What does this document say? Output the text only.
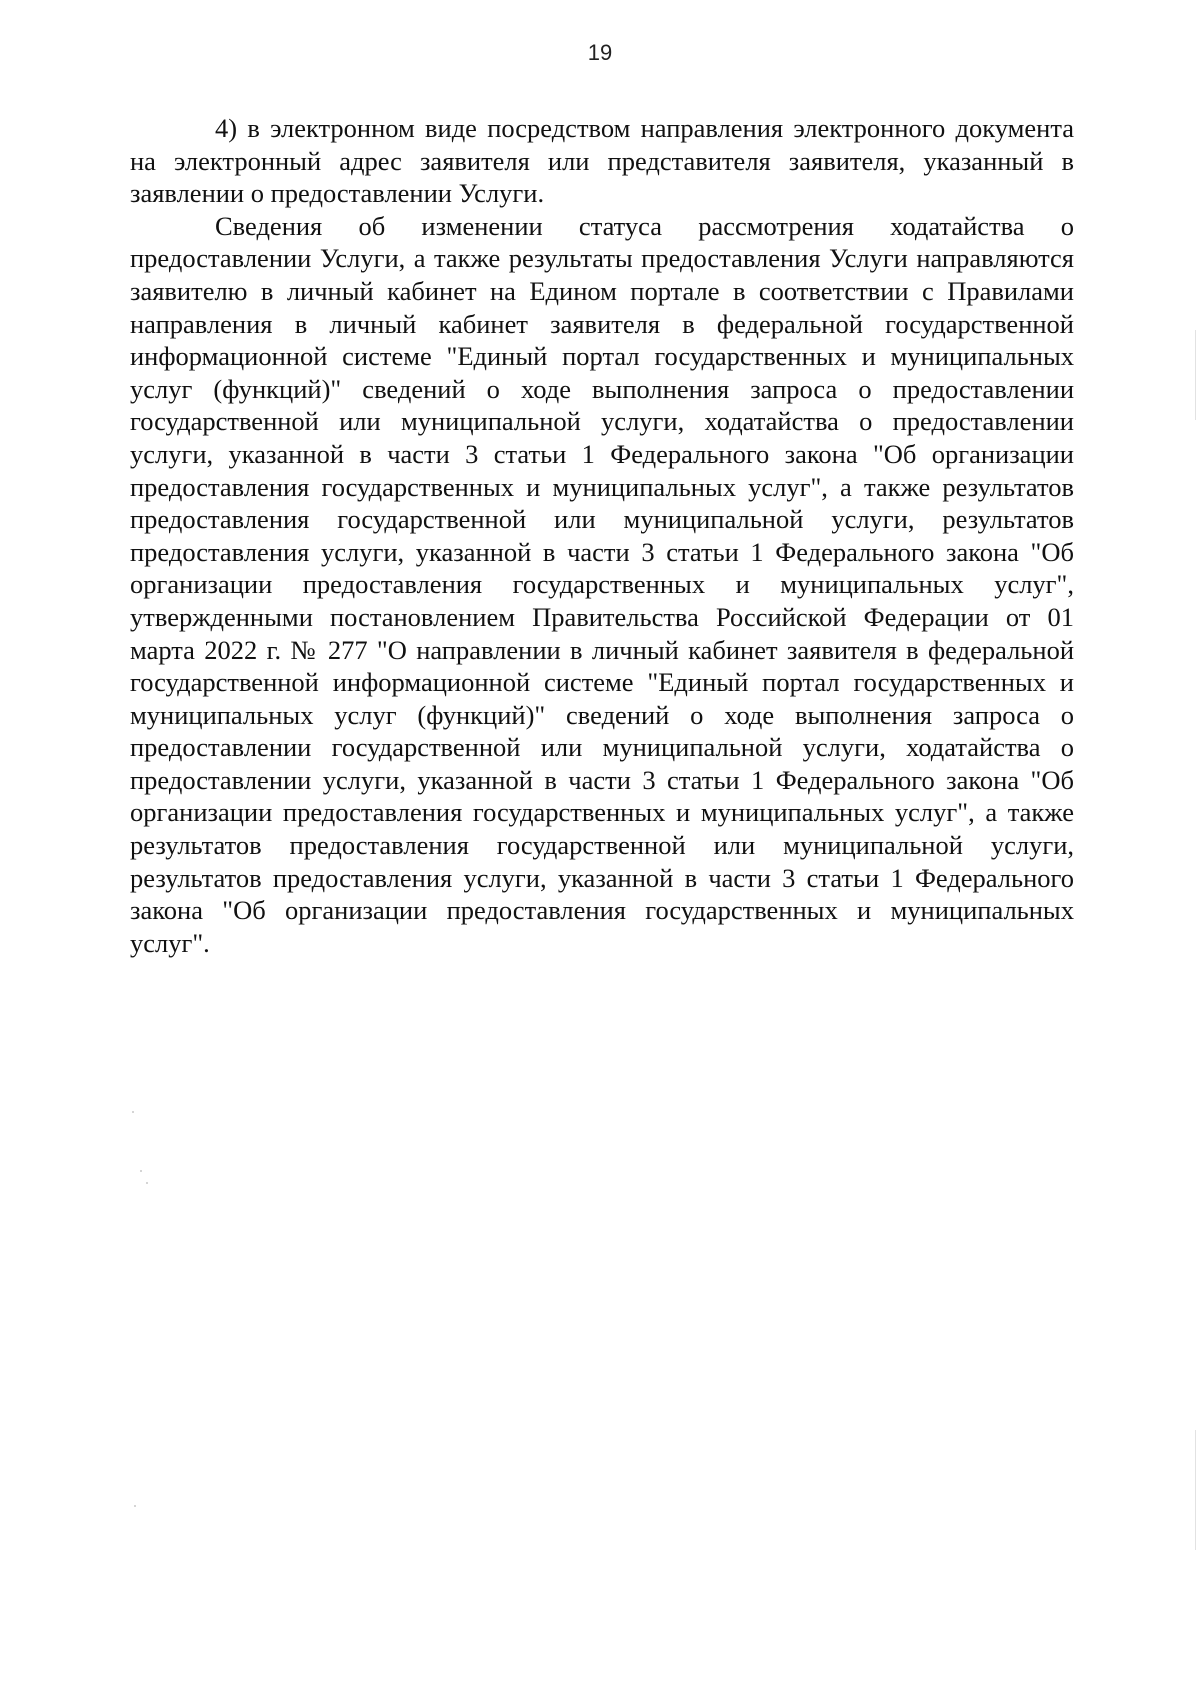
19

4) в электронном виде посредством направления электронного документа на электронный адрес заявителя или представителя заявителя, указанный в заявлении о предоставлении Услуги.

Сведения об изменении статуса рассмотрения ходатайства о предоставлении Услуги, а также результаты предоставления Услуги направляются заявителю в личный кабинет на Едином портале в соответствии с Правилами направления в личный кабинет заявителя в федеральной государственной информационной системе "Единый портал государственных и муниципальных услуг (функций)" сведений о ходе выполнения запроса о предоставлении государственной или муниципальной услуги, ходатайства о предоставлении услуги, указанной в части 3 статьи 1 Федерального закона "Об организации предоставления государственных и муниципальных услуг", а также результатов предоставления государственной или муниципальной услуги, результатов предоставления услуги, указанной в части 3 статьи 1 Федерального закона "Об организации предоставления государственных и муниципальных услуг", утвержденными постановлением Правительства Российской Федерации от 01 марта 2022 г. № 277 "О направлении в личный кабинет заявителя в федеральной государственной информационной системе "Единый портал государственных и муниципальных услуг (функций)" сведений о ходе выполнения запроса о предоставлении государственной или муниципальной услуги, ходатайства о предоставлении услуги, указанной в части 3 статьи 1 Федерального закона "Об организации предоставления государственных и муниципальных услуг", а также результатов предоставления государственной или муниципальной услуги, результатов предоставления услуги, указанной в части 3 статьи 1 Федерального закона "Об организации предоставления государственных и муниципальных услуг".
